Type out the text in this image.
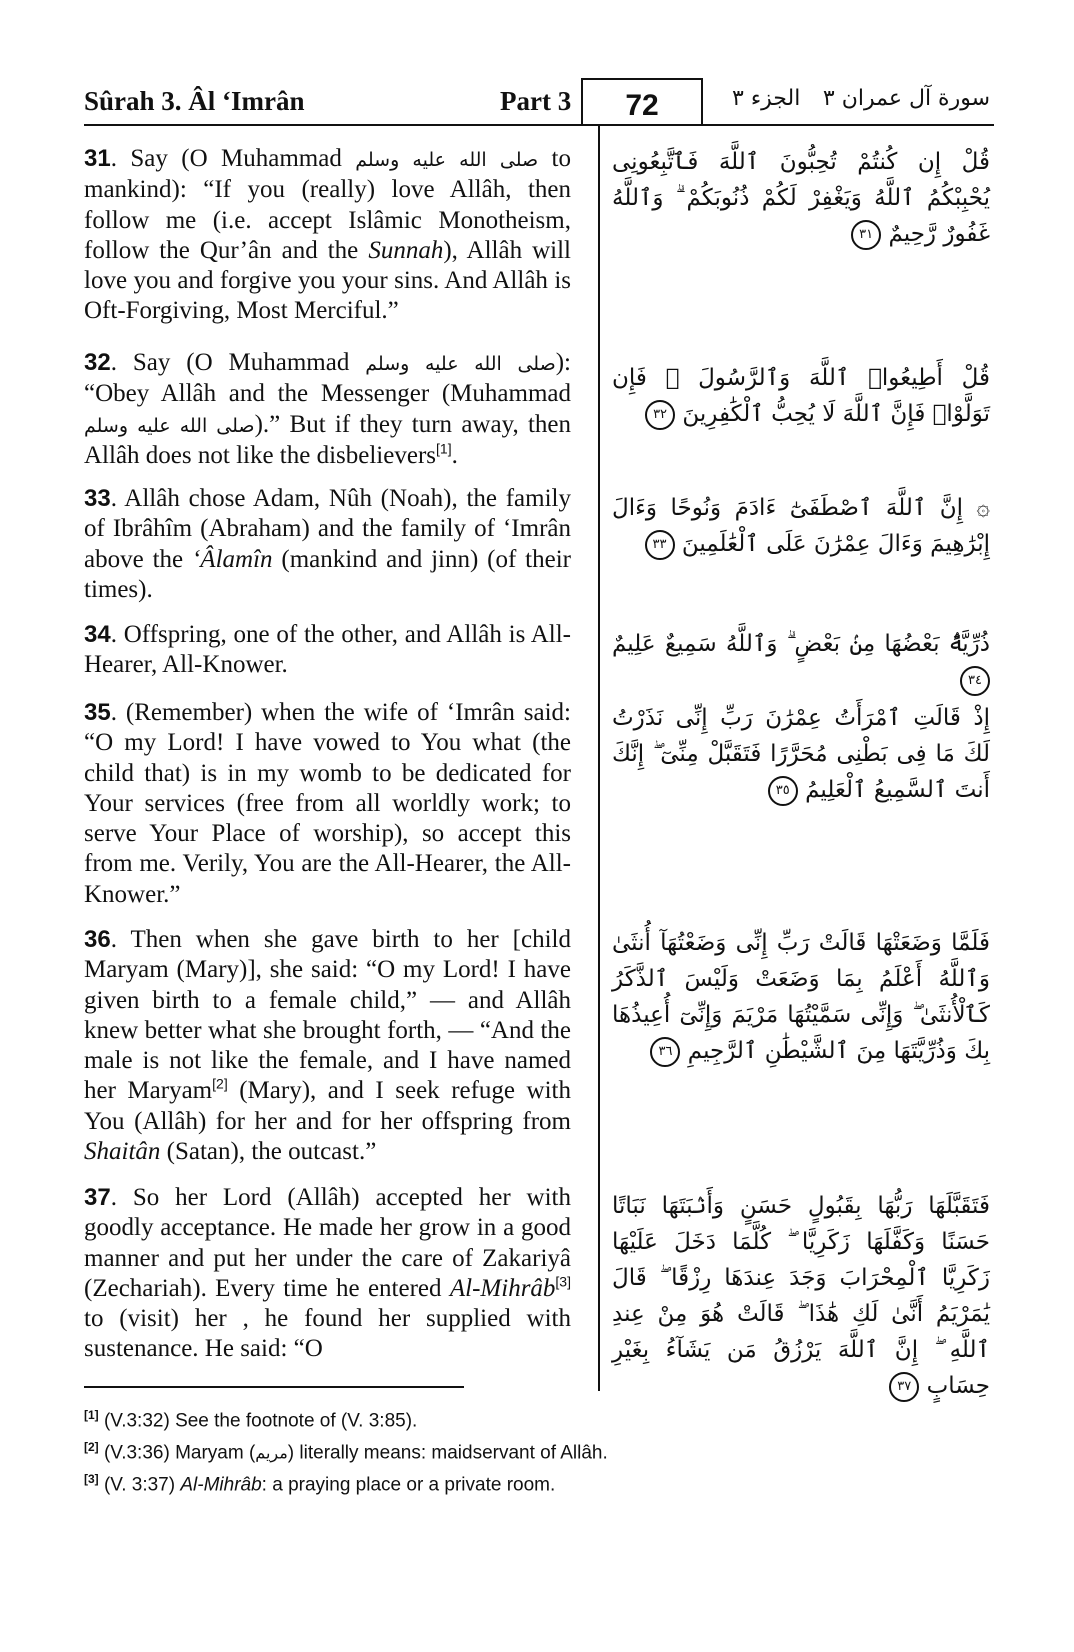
Sûrah 3. Âl ‘Imrân	Part 3	72	الجزء ٣ سورة آل عمران ٣
31. Say (O Muhammad صلى الله عليه وسلم to mankind): “If you (really) love Allâh, then follow me (i.e. accept Islâmic Monotheism, follow the Qur’ân and the Sunnah), Allâh will love you and forgive you your sins. And Allâh is Oft-Forgiving, Most Merciful.”
قُلْ إِن كُنتُمْ تُحِبُّونَ ٱللَّهَ فَٱتَّبِعُونِى يُحْبِبْكُمُ ٱللَّهُ وَيَغْفِرْ لَكُمْ ذُنُوبَكُمْ ۗ وَٱللَّهُ غَفُورٌ رَّحِيمٌ ٣١
32. Say (O Muhammad صلى الله عليه وسلم): “Obey Allâh and the Messenger (Muhammad صلى الله عليه وسلم).” But if they turn away, then Allâh does not like the disbelievers[1].
قُلْ أَطِيعُوا۟ ٱللَّهَ وَٱلرَّسُولَ ۖ فَإِن تَوَلَّوْا۟ فَإِنَّ ٱللَّهَ لَا يُحِبُّ ٱلْكَٰفِرِينَ ٣٢
33. Allâh chose Adam, Nûh (Noah), the family of Ibrâhîm (Abraham) and the family of ‘Imrân above the ‘Âlamîn (mankind and jinn) (of their times).
۞ إِنَّ ٱللَّهَ ٱصْطَفَىٰٓ ءَادَمَ وَنُوحًا وَءَالَ إِبْرَٰهِيمَ وَءَالَ عِمْرَٰنَ عَلَى ٱلْعَٰلَمِينَ ٣٣
34. Offspring, one of the other, and Allâh is All-Hearer, All-Knower.
ذُرِّيَّةًۢ بَعْضُهَا مِنۢ بَعْضٍ ۗ وَٱللَّهُ سَمِيعٌ عَلِيمٌ ٣٤
35. (Remember) when the wife of ‘Imrân said: “O my Lord! I have vowed to You what (the child that) is in my womb to be dedicated for Your services (free from all worldly work; to serve Your Place of worship), so accept this from me. Verily, You are the All-Hearer, the All-Knower.”
إِذْ قَالَتِ ٱمْرَأَتُ عِمْرَٰنَ رَبِّ إِنِّى نَذَرْتُ لَكَ مَا فِى بَطْنِى مُحَرَّرًا فَتَقَبَّلْ مِنِّىٓ ۖ إِنَّكَ أَنتَ ٱلسَّمِيعُ ٱلْعَلِيمُ ٣٥
36. Then when she gave birth to her [child Maryam (Mary)], she said: “O my Lord! I have given birth to a female child,” — and Allâh knew better what she brought forth, — “And the male is not like the female, and I have named her Maryam[2] (Mary), and I seek refuge with You (Allâh) for her and for her offspring from Shaitân (Satan), the outcast.”
فَلَمَّا وَضَعَتْهَا قَالَتْ رَبِّ إِنِّى وَضَعْتُهَآ أُنثَىٰ وَٱللَّهُ أَعْلَمُ بِمَا وَضَعَتْ وَلَيْسَ ٱلذَّكَرُ كَٱلْأُنثَىٰ ۖ وَإِنِّى سَمَّيْتُهَا مَرْيَمَ وَإِنِّىٓ أُعِيذُهَا بِكَ وَذُرِّيَّتَهَا مِنَ ٱلشَّيْطَٰنِ ٱلرَّجِيمِ ٣٦
37. So her Lord (Allâh) accepted her with goodly acceptance. He made her grow in a good manner and put her under the care of Zakariyâ (Zechariah). Every time he entered Al-Mihrâb[3] to (visit) her , he found her supplied with sustenance. He said: “O
فَتَقَبَّلَهَا رَبُّهَا بِقَبُولٍ حَسَنٍ وَأَنۢبَتَهَا نَبَاتًا حَسَنًا وَكَفَّلَهَا زَكَرِيَّا ۖ كُلَّمَا دَخَلَ عَلَيْهَا زَكَرِيَّا ٱلْمِحْرَابَ وَجَدَ عِندَهَا رِزْقًا ۖ قَالَ يَٰمَرْيَمُ أَنَّىٰ لَكِ هَٰذَا ۖ قَالَتْ هُوَ مِنْ عِندِ ٱللَّهِ ۖ إِنَّ ٱللَّهَ يَرْزُقُ مَن يَشَآءُ بِغَيْرِ حِسَابٍ ٣٧
[1] (V.3:32) See the footnote of (V. 3:85).
[2] (V.3:36) Maryam (مريم) literally means: maidservant of Allâh.
[3] (V. 3:37) Al-Mihrâb: a praying place or a private room.
